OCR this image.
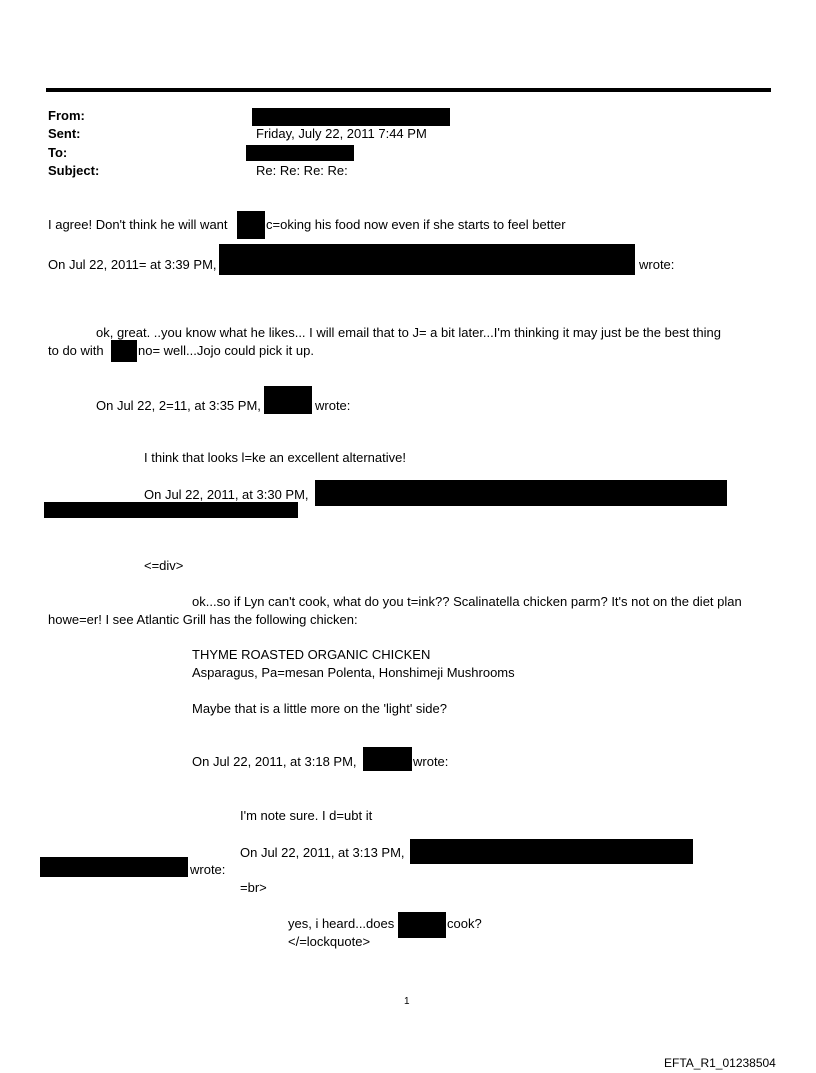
From:
Sent:	Friday, July 22, 2011 7:44 PM
To:
Subject:	Re: Re: Re: Re:
I agree! Don't think he will want	c=oking his food now even if she starts to feel better
On Jul 22, 2011= at 3:39 PM,	wrote:
ok, great. ..you know what he likes... I will email that to J= a bit later...I'm thinking it may just be the best thing
to do with	no= well...Jojo could pick it up.
On Jul 22, 2=11, at 3:35 PM,	wrote:
I think that looks l=ke an excellent alternative!
On Jul 22, 2011, at 3:30 PM,
<=div>
ok...so if Lyn can't cook, what do you t=ink?? Scalinatella chicken parm? It's not on the diet plan
howe=er! I see Atlantic Grill has the following chicken:
THYME ROASTED ORGANIC CHICKEN
Asparagus, Pa=mesan Polenta, Honshimeji Mushrooms
Maybe that is a little more on the 'light' side?
On Jul 22, 2011, at 3:18 PM,	wrote:
I'm note sure. I d=ubt it
On Jul 22, 2011, at 3:13 PM,
wrote:
=br>
yes, i heard...does	cook?
</=lockquote>
1
EFTA_R1_01238504
